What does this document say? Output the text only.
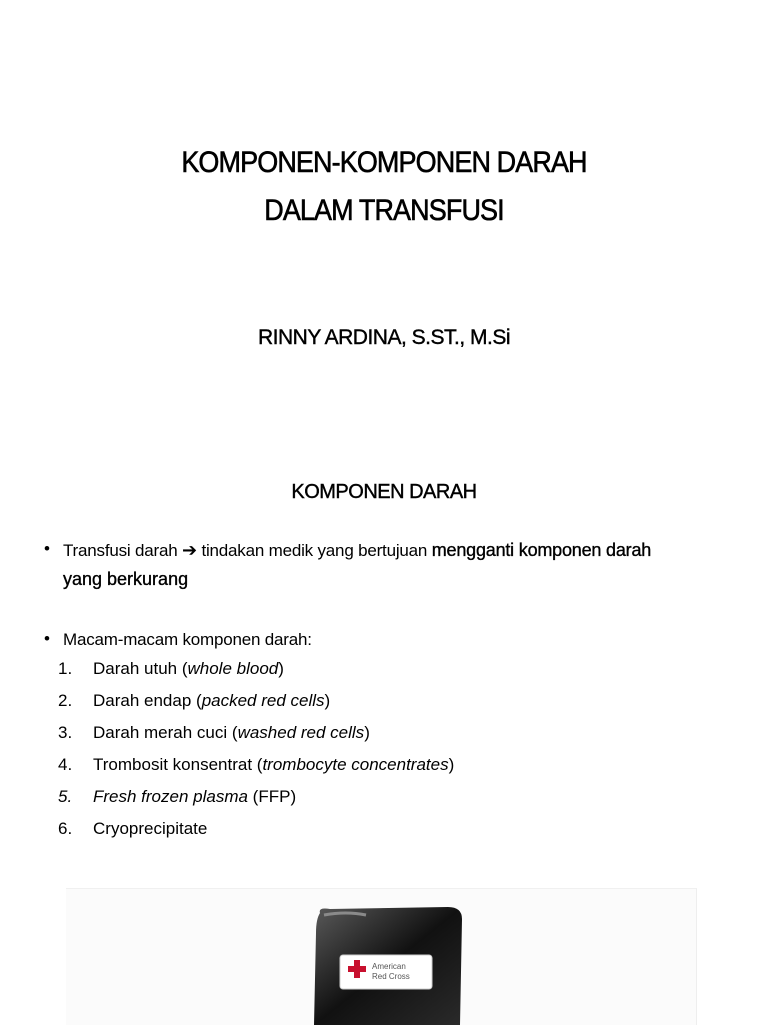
KOMPONEN-KOMPONEN DARAH
DALAM TRANSFUSI
RINNY ARDINA, S.ST., M.Si
KOMPONEN DARAH
• Transfusi darah ➔ tindakan medik yang bertujuan mengganti komponen darah
yang berkurang
• Macam-macam komponen darah:
1.	Darah utuh (whole blood)
2.	Darah endap (packed red cells)
3.	Darah merah cuci (washed red cells)
4.	Trombosit konsentrat (trombocyte concentrates)
5.	Fresh frozen plasma (FFP)
6.	Cryoprecipitate
American
Red Cross
